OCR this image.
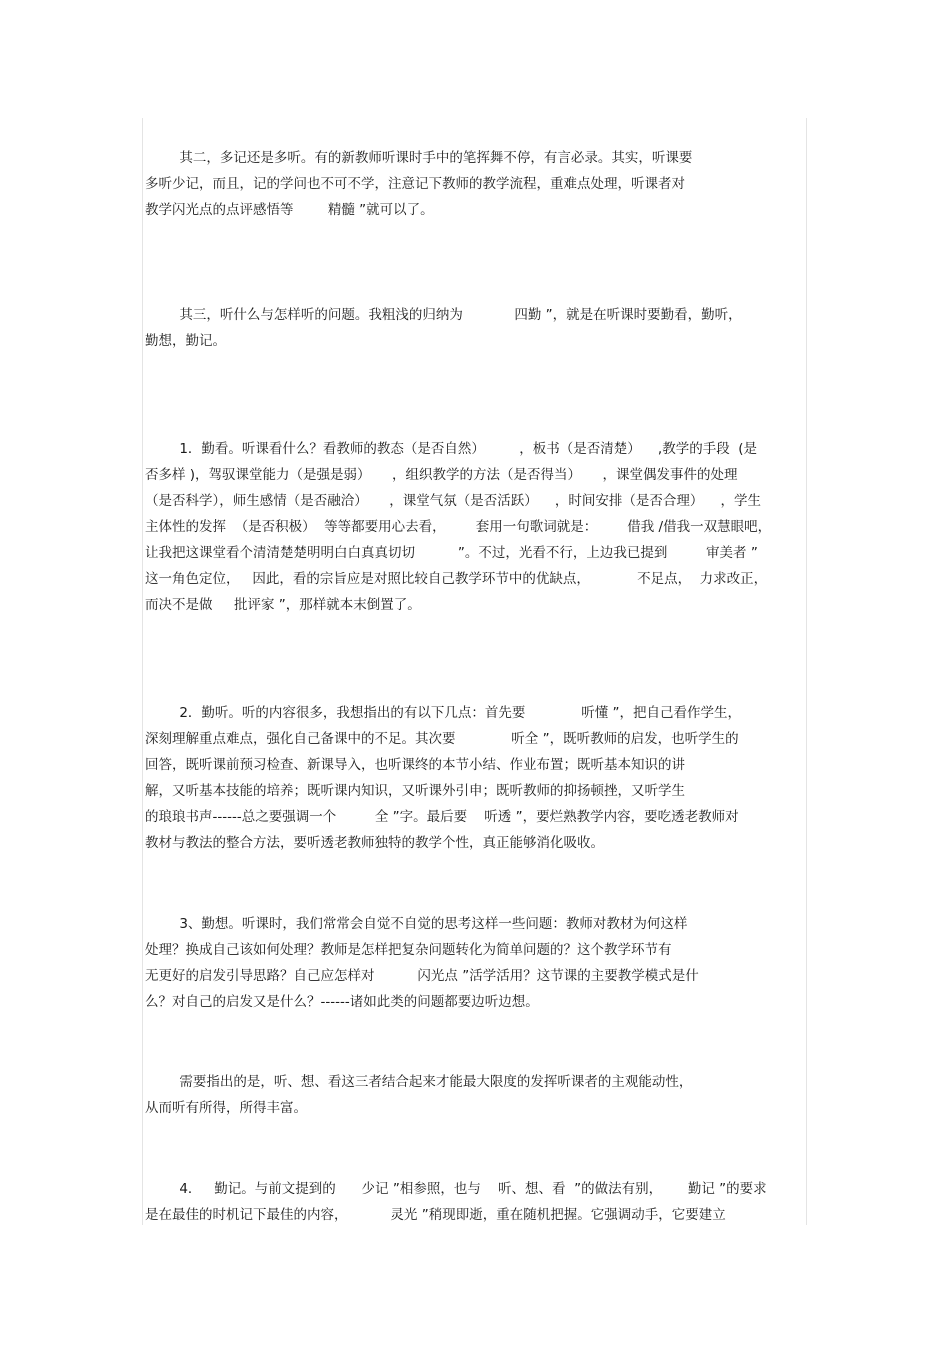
其二，多记还是多听。有的新教师听课时手中的笔挥舞不停，有言必录。其实，听课要
多听少记，而且，记的学问也不可不学，注意记下教师的教学流程，重难点处理，听课者对
教学闪光点的点评感悟等        精髓 ”就可以了。
其三，听什么与怎样听的问题。我粗浅的归纳为            四勤 ”，就是在听课时要勤看，勤听，
勤想，勤记。
1．勤看。听课看什么？看教师的教态（是否自然）        ，板书（是否清楚）    ,教学的手段  (是
否多样 )，驾驭课堂能力（是强是弱）     ，组织教学的方法（是否得当）     ，课堂偶发事件的处理
（是否科学），师生感情（是否融洽）     ，课堂气氛（是否活跃）    ，时间安排（是否合理）    ，学生
主体性的发挥  （是否积极）  等等都要用心去看，       套用一句歌词就是：       借我 /借我一双慧眼吧，
让我把这课堂看个清清楚楚明明白白真真切切          ”。不过，光看不行，上边我已提到         审美者 ”
这一角色定位，   因此，看的宗旨应是对照比较自己教学环节中的优缺点，           不足点，  力求改正，
而决不是做     批评家 ”，那样就本末倒置了。
2．勤听。听的内容很多，我想指出的有以下几点：首先要             听懂 ”，把自己看作学生，
深刻理解重点难点，强化自己备课中的不足。其次要             听全 ”，既听教师的启发，也听学生的
回答，既听课前预习检查、新课导入，也听课终的本节小结、作业布置；既听基本知识的讲
解，又听基本技能的培养；既听课内知识，又听课外引申；既听教师的抑扬顿挫，又听学生
的琅琅书声------总之要强调一个         全 ”字。最后要    听透 ”，要烂熟教学内容，要吃透老教师对
教材与教法的整合方法，要听透老教师独特的教学个性，真正能够消化吸收。
3、勤想。听课时，我们常常会自觉不自觉的思考这样一些问题：教师对教材为何这样
处理？换成自己该如何处理？教师是怎样把复杂问题转化为简单问题的？这个教学环节有
无更好的启发引导思路？自己应怎样对          闪光点 ”活学活用？这节课的主要教学模式是什
么？对自己的启发又是什么？------诸如此类的问题都要边听边想。
需要指出的是，听、想、看这三者结合起来才能最大限度的发挥听课者的主观能动性，
从而听有所得，所得丰富。
4．   勤记。与前文提到的      少记 ”相参照，也与    听、想、看  ”的做法有别，      勤记 ”的要求
是在最佳的时机记下最佳的内容，          灵光 ”稍现即逝，重在随机把握。它强调动手，它要建立
